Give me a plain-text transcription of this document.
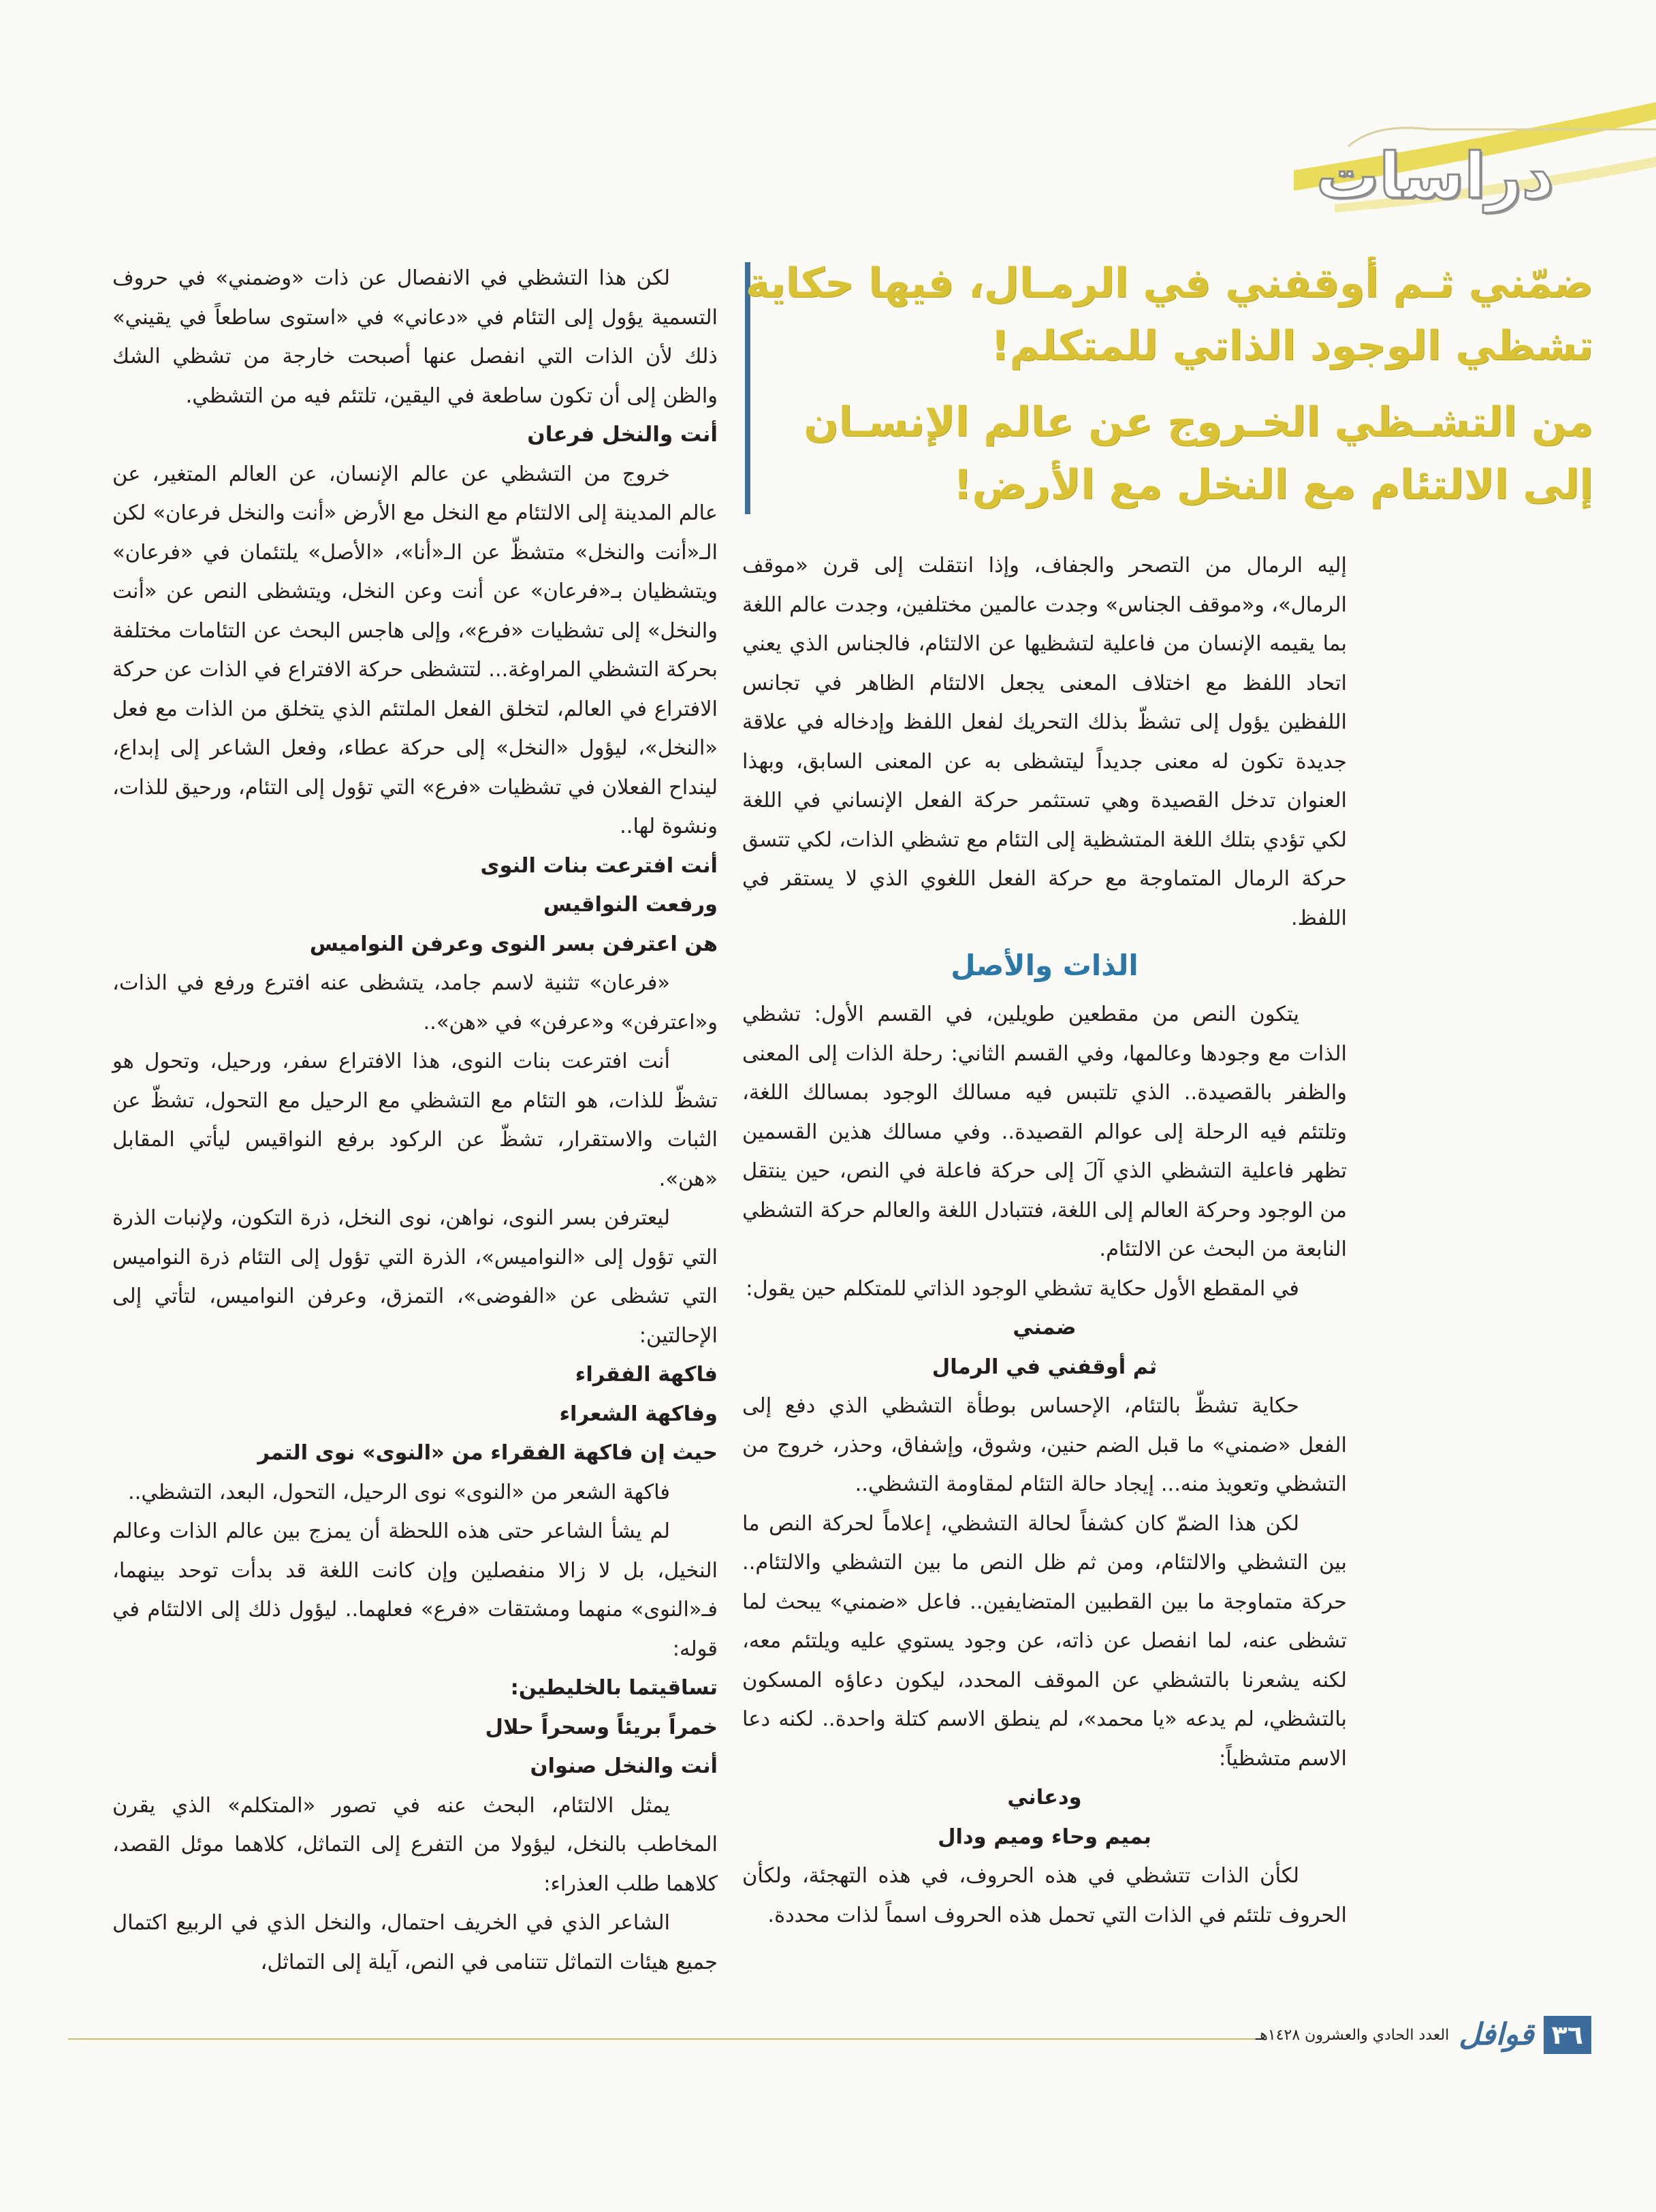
دراسات

ضمّني ثـم أوقفني في الرمـال، فيها حكاية تشظي الوجود الذاتي للمتكلم!

من التشـظي الخـروج عن عالم الإنسـان إلى الالتئام مع النخل مع الأرض!

إليه الرمال من التصحر والجفاف، وإذا انتقلت إلى قرن «موقف الرمال»، و«موقف الجناس» وجدت عالمين مختلفين، وجدت عالم اللغة بما يقيمه الإنسان من فاعلية لتشظيها عن الالتئام، فالجناس الذي يعني اتحاد اللفظ مع اختلاف المعنى يجعل الالتئام الظاهر في تجانس اللفظين يؤول إلى تشظّ بذلك التحريك لفعل اللفظ وإدخاله في علاقة جديدة تكون له معنى جديداً ليتشظى به عن المعنى السابق، وبهذا العنوان تدخل القصيدة وهي تستثمر حركة الفعل الإنساني في اللغة لكي تؤدي بتلك اللغة المتشظية إلى التئام مع تشظي الذات، لكي تتسق حركة الرمال المتماوجة مع حركة الفعل اللغوي الذي لا يستقر في اللفظ.

الذات والأصل

يتكون النص من مقطعين طويلين، في القسم الأول: تشظي الذات مع وجودها وعالمها، وفي القسم الثاني: رحلة الذات إلى المعنى والظفر بالقصيدة.. الذي تلتبس فيه مسالك الوجود بمسالك اللغة، وتلتئم فيه الرحلة إلى عوالم القصيدة.. وفي مسالك هذين القسمين تظهر فاعلية التشظي الذي آلَ إلى حركة فاعلة في النص، حين ينتقل من الوجود وحركة العالم إلى اللغة، فتتبادل اللغة والعالم حركة التشظي النابعة من البحث عن الالتئام.

في المقطع الأول حكاية تشظي الوجود الذاتي للمتكلم حين يقول:

ضمني

ثم أوقفني في الرمال

حكاية تشظّ بالتئام، الإحساس بوطأة التشظي الذي دفع إلى الفعل «ضمني» ما قبل الضم حنين، وشوق، وإشفاق، وحذر، خروج من التشظي وتعويذ منه... إيجاد حالة التئام لمقاومة التشظي..

لكن هذا الضمّ كان كشفاً لحالة التشظي، إعلاماً لحركة النص ما بين التشظي والالتئام، ومن ثم ظل النص ما بين التشظي والالتئام.. حركة متماوجة ما بين القطبين المتضايفين.. فاعل «ضمني» يبحث لما تشظى عنه، لما انفصل عن ذاته، عن وجود يستوي عليه ويلتئم معه، لكنه يشعرنا بالتشظي عن الموقف المحدد، ليكون دعاؤه المسكون بالتشظي، لم يدعه «يا محمد»، لم ينطق الاسم كتلة واحدة.. لكنه دعا الاسم متشظياً:

ودعاني

بميم وحاء وميم ودال

لكأن الذات تتشظي في هذه الحروف، في هذه التهجئة، ولكأن الحروف تلتئم في الذات التي تحمل هذه الحروف اسماً لذات محددة.

لكن هذا التشظي في الانفصال عن ذات «وضمني» في حروف التسمية يؤول إلى التئام في «دعاني» في «استوى ساطعاً في يقيني» ذلك لأن الذات التي انفصل عنها أصبحت خارجة من تشظي الشك والظن إلى أن تكون ساطعة في اليقين، تلتئم فيه من التشظي.

أنت والنخل فرعان

خروج من التشظي عن عالم الإنسان، عن العالم المتغير، عن عالم المدينة إلى الالتئام مع النخل مع الأرض «أنت والنخل فرعان» لكن الـ«أنت والنخل» متشظّ عن الـ«أنا»، «الأصل» يلتئمان في «فرعان» ويتشظيان بـ«فرعان» عن أنت وعن النخل، ويتشظى النص عن «أنت والنخل» إلى تشظيات «فرع»، وإلى هاجس البحث عن التئامات مختلفة بحركة التشظي المراوغة... لتتشظى حركة الافتراع في الذات عن حركة الافتراع في العالم، لتخلق الفعل الملتئم الذي يتخلق من الذات مع فعل «النخل»، ليؤول «النخل» إلى حركة عطاء، وفعل الشاعر إلى إبداع، لينداح الفعلان في تشظيات «فرع» التي تؤول إلى التئام، ورحيق للذات، ونشوة لها..

أنت افترعت بنات النوى

ورفعت النواقيس

هن اعترفن بسر النوى وعرفن النواميس

«فرعان» تثنية لاسم جامد، يتشظى عنه افترع ورفع في الذات، و«اعترفن» و«عرفن» في «هن»..

أنت افترعت بنات النوى، هذا الافتراع سفر، ورحيل، وتحول هو تشظّ للذات، هو التئام مع التشظي مع الرحيل مع التحول، تشظّ عن الثبات والاستقرار، تشظّ عن الركود برفع النواقيس ليأتي المقابل «هن».

ليعترفن بسر النوى، نواهن، نوى النخل، ذرة التكون، ولإنبات الذرة التي تؤول إلى «النواميس»، الذرة التي تؤول إلى التئام ذرة النواميس التي تشظى عن «الفوضى»، التمزق، وعرفن النواميس، لتأتي إلى الإحالتين:

فاكهة الفقراء

وفاكهة الشعراء

حيث إن فاكهة الفقراء من «النوى» نوى التمر

فاكهة الشعر من «النوى» نوى الرحيل، التحول، البعد، التشظي..

لم يشأ الشاعر حتى هذه اللحظة أن يمزج بين عالم الذات وعالم النخيل، بل لا زالا منفصلين وإن كانت اللغة قد بدأت توحد بينهما، فـ«النوى» منهما ومشتقات «فرع» فعلهما.. ليؤول ذلك إلى الالتئام في قوله:

تساقيتما بالخليطين:

خمراً بريئاً وسحراً حلال

أنت والنخل صنوان

يمثل الالتئام، البحث عنه في تصور «المتكلم» الذي يقرن المخاطب بالنخل، ليؤولا من التفرع إلى التماثل، كلاهما موئل القصد، كلاهما طلب العذراء:

الشاعر الذي في الخريف احتمال، والنخل الذي في الربيع اكتمال جميع هيئات التماثل تتنامى في النص، آيلة إلى التماثل،

٣٦
قوافل
العدد الحادي والعشرون ١٤٢٨هـ
